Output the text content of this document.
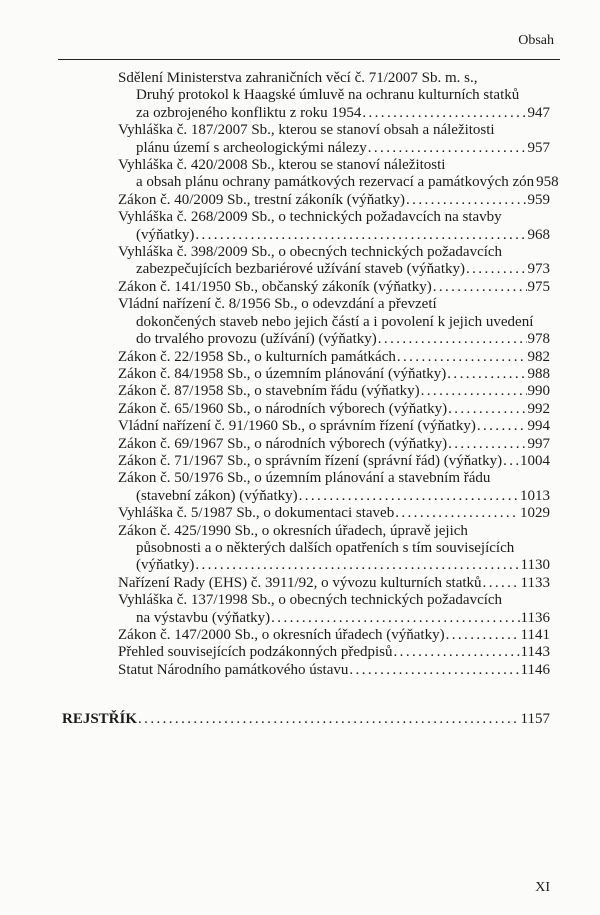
Obsah
Sdělení Ministerstva zahraničních věcí č. 71/2007 Sb. m. s.,
Druhý protokol k Haagské úmluvě na ochranu kulturních statků
za ozbrojeného konfliktu z roku 1954 .....	947
Vyhláška č. 187/2007 Sb., kterou se stanoví obsah a náležitosti
plánu území s archeologickými nálezy .....	957
Vyhláška č. 420/2008 Sb., kterou se stanoví náležitosti
a obsah plánu ochrany památkových rezervací a památkových zón 958
Zákon č. 40/2009 Sb., trestní zákoník (výňatky) .....	959
Vyhláška č. 268/2009 Sb., o technických požadavcích na stavby
(výňatky) .....	968
Vyhláška č. 398/2009 Sb., o obecných technických požadavcích
zabezpečujících bezbariérové užívání staveb (výňatky) .....	973
Zákon č. 141/1950 Sb., občanský zákoník (výňatky) .....	975
Vládní nařízení č. 8/1956 Sb., o odevzdání a převzetí
dokončených staveb nebo jejich částí a i povolení k jejich uvedení
do trvalého provozu (užívání) (výňatky) .....	978
Zákon č. 22/1958 Sb., o kulturních památkách .....	982
Zákon č. 84/1958 Sb., o územním plánování (výňatky) .....	988
Zákon č. 87/1958 Sb., o stavebním řádu (výňatky) .....	990
Zákon č. 65/1960 Sb., o národních výborech (výňatky) .....	992
Vládní nařízení č. 91/1960 Sb., o správním řízení (výňatky) .....	994
Zákon č. 69/1967 Sb., o národních výborech (výňatky) .....	997
Zákon č. 71/1967 Sb., o správním řízení (správní řád) (výňatky) ..... 1004
Zákon č. 50/1976 Sb., o územním plánování a stavebním řádu
(stavební zákon) (výňatky) .....	1013
Vyhláška č. 5/1987 Sb., o dokumentaci staveb .....	1029
Zákon č. 425/1990 Sb., o okresních úřadech, úpravě jejich
působnosti a o některých dalších opatřeních s tím souvisejících
(výňatky) .....	1130
Nařízení Rady (EHS) č. 3911/92, o vývozu kulturních statků .....	1133
Vyhláška č. 137/1998 Sb., o obecných technických požadavcích
na výstavbu (výňatky) .....	1136
Zákon č. 147/2000 Sb., o okresních úřadech (výňatky) .....	1141
Přehled souvisejících podzákonných předpisů .....	1143
Statut Národního památkového ústavu .....	1146
REJSTŘÍK .....	1157
XI
